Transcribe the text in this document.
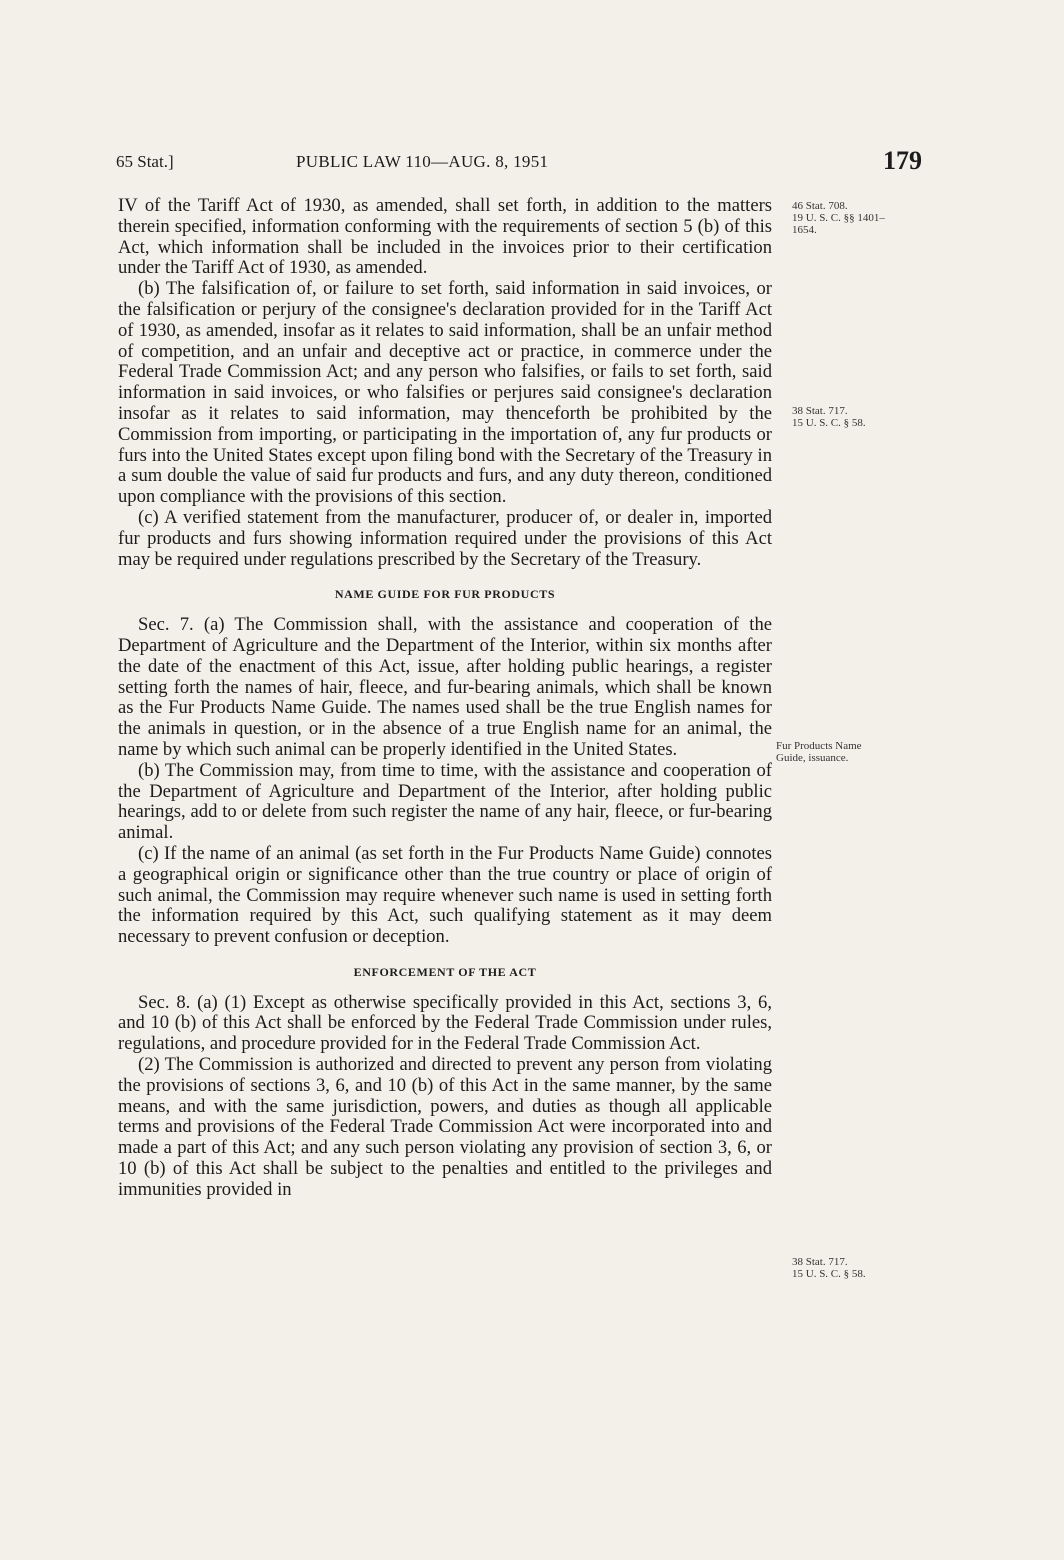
65 Stat.]	PUBLIC LAW 110—AUG. 8, 1951	179
46 Stat. 708.
19 U. S. C. §§ 1401–
1654.
38 Stat. 717.
15 U. S. C. § 58.
Fur Products Name
Guide, issuance.
38 Stat. 717.
15 U. S. C. § 58.

IV of the Tariff Act of 1930, as amended, shall set forth, in addition to the matters therein specified, information conforming with the requirements of section 5 (b) of this Act, which information shall be included in the invoices prior to their certification under the Tariff Act of 1930, as amended.

(b) The falsification of, or failure to set forth, said information in said invoices, or the falsification or perjury of the consignee's declaration provided for in the Tariff Act of 1930, as amended, insofar as it relates to said information, shall be an unfair method of competition, and an unfair and deceptive act or practice, in commerce under the Federal Trade Commission Act; and any person who falsifies, or fails to set forth, said information in said invoices, or who falsifies or perjures said consignee's declaration insofar as it relates to said information, may thenceforth be prohibited by the Commission from importing, or participating in the importation of, any fur products or furs into the United States except upon filing bond with the Secretary of the Treasury in a sum double the value of said fur products and furs, and any duty thereon, conditioned upon compliance with the provisions of this section.

(c) A verified statement from the manufacturer, producer of, or dealer in, imported fur products and furs showing information required under the provisions of this Act may be required under regulations prescribed by the Secretary of the Treasury.

NAME GUIDE FOR FUR PRODUCTS

Sec. 7. (a) The Commission shall, with the assistance and cooperation of the Department of Agriculture and the Department of the Interior, within six months after the date of the enactment of this Act, issue, after holding public hearings, a register setting forth the names of hair, fleece, and fur-bearing animals, which shall be known as the Fur Products Name Guide. The names used shall be the true English names for the animals in question, or in the absence of a true English name for an animal, the name by which such animal can be properly identified in the United States.

(b) The Commission may, from time to time, with the assistance and cooperation of the Department of Agriculture and Department of the Interior, after holding public hearings, add to or delete from such register the name of any hair, fleece, or fur-bearing animal.

(c) If the name of an animal (as set forth in the Fur Products Name Guide) connotes a geographical origin or significance other than the true country or place of origin of such animal, the Commission may require whenever such name is used in setting forth the information required by this Act, such qualifying statement as it may deem necessary to prevent confusion or deception.

ENFORCEMENT OF THE ACT

Sec. 8. (a) (1) Except as otherwise specifically provided in this Act, sections 3, 6, and 10 (b) of this Act shall be enforced by the Federal Trade Commission under rules, regulations, and procedure provided for in the Federal Trade Commission Act.

(2) The Commission is authorized and directed to prevent any person from violating the provisions of sections 3, 6, and 10 (b) of this Act in the same manner, by the same means, and with the same jurisdiction, powers, and duties as though all applicable terms and provisions of the Federal Trade Commission Act were incorporated into and made a part of this Act; and any such person violating any provision of section 3, 6, or 10 (b) of this Act shall be subject to the penalties and entitled to the privileges and immunities provided in
